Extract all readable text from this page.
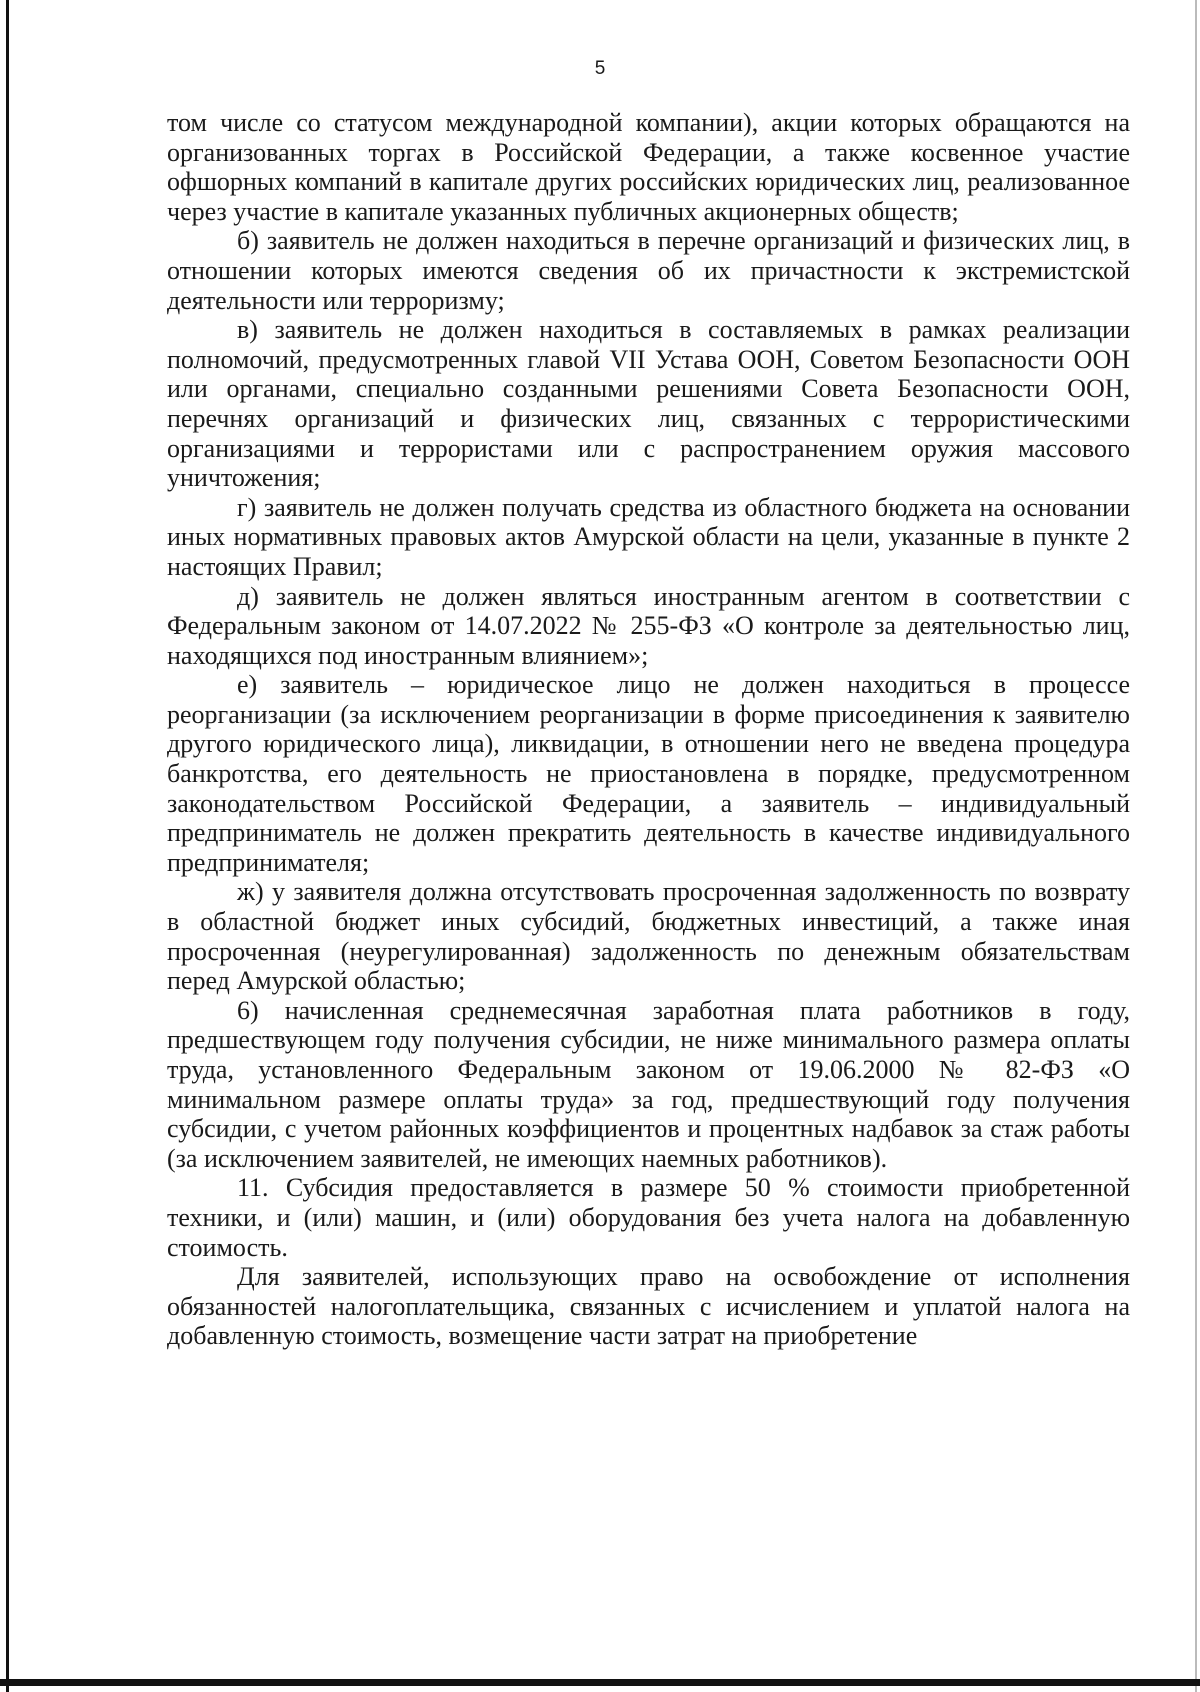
5

том числе со статусом международной компании), акции которых обращаются на организованных торгах в Российской Федерации, а также косвенное участие офшорных компаний в капитале других российских юридических лиц, реализованное через участие в капитале указанных публичных акционерных обществ;

б) заявитель не должен находиться в перечне организаций и физических лиц, в отношении которых имеются сведения об их причастности к экстремистской деятельности или терроризму;

в) заявитель не должен находиться в составляемых в рамках реализации полномочий, предусмотренных главой VII Устава ООН, Советом Безопасности ООН или органами, специально созданными решениями Совета Безопасности ООН, перечнях организаций и физических лиц, связанных с террористическими организациями и террористами или с распространением оружия массового уничтожения;

г) заявитель не должен получать средства из областного бюджета на основании иных нормативных правовых актов Амурской области на цели, указанные в пункте 2 настоящих Правил;

д) заявитель не должен являться иностранным агентом в соответствии с Федеральным законом от 14.07.2022 № 255-ФЗ «О контроле за деятельностью лиц, находящихся под иностранным влиянием»;

е) заявитель – юридическое лицо не должен находиться в процессе реорганизации (за исключением реорганизации в форме присоединения к заявителю другого юридического лица), ликвидации, в отношении него не введена процедура банкротства, его деятельность не приостановлена в порядке, предусмотренном законодательством Российской Федерации, а заявитель – индивидуальный предприниматель не должен прекратить деятельность в качестве индивидуального предпринимателя;

ж) у заявителя должна отсутствовать просроченная задолженность по возврату в областной бюджет иных субсидий, бюджетных инвестиций, а также иная просроченная (неурегулированная) задолженность по денежным обязательствам перед Амурской областью;

6) начисленная среднемесячная заработная плата работников в году, предшествующем году получения субсидии, не ниже минимального размера оплаты труда, установленного Федеральным законом от 19.06.2000 № 82-ФЗ «О минимальном размере оплаты труда» за год, предшествующий году получения субсидии, с учетом районных коэффициентов и процентных надбавок за стаж работы (за исключением заявителей, не имеющих наемных работников).

11. Субсидия предоставляется в размере 50 % стоимости приобретенной техники, и (или) машин, и (или) оборудования без учета налога на добавленную стоимость.

Для заявителей, использующих право на освобождение от исполнения обязанностей налогоплательщика, связанных с исчислением и уплатой налога на добавленную стоимость, возмещение части затрат на приобретение
